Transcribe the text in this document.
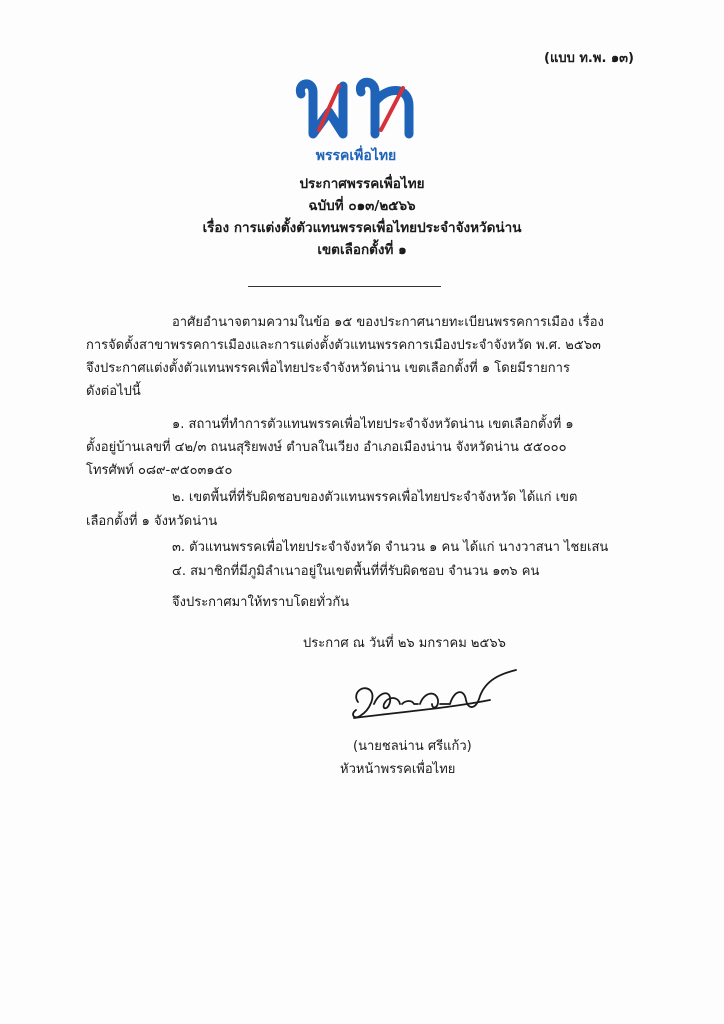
(แบบ ท.พ. ๑๓)
พรรคเพื่อไทย
ประกาศพรรคเพื่อไทย
ฉบับที่ ๐๑๓/๒๕๖๖
เรื่อง การแต่งตั้งตัวแทนพรรคเพื่อไทยประจำจังหวัดน่าน
เขตเลือกตั้งที่ ๑
อาศัยอำนาจตามความในข้อ ๑๕ ของประกาศนายทะเบียนพรรคการเมือง เรื่อง
การจัดตั้งสาขาพรรคการเมืองและการแต่งตั้งตัวแทนพรรคการเมืองประจำจังหวัด พ.ศ. ๒๕๖๓
จึงประกาศแต่งตั้งตัวแทนพรรคเพื่อไทยประจำจังหวัดน่าน เขตเลือกตั้งที่ ๑ โดยมีรายการ
ดังต่อไปนี้
๑. สถานที่ทำการตัวแทนพรรคเพื่อไทยประจำจังหวัดน่าน เขตเลือกตั้งที่ ๑
ตั้งอยู่บ้านเลขที่ ๔๒/๓ ถนนสุริยพงษ์ ตำบลในเวียง อำเภอเมืองน่าน จังหวัดน่าน ๕๕๐๐๐
โทรศัพท์ ๐๘๙-๙๕๐๓๑๕๐
๒. เขตพื้นที่ที่รับผิดชอบของตัวแทนพรรคเพื่อไทยประจำจังหวัด ได้แก่ เขต
เลือกตั้งที่ ๑ จังหวัดน่าน
๓. ตัวแทนพรรคเพื่อไทยประจำจังหวัด จำนวน ๑ คน ได้แก่ นางวาสนา ไชยเสน
๔. สมาชิกที่มีภูมิลำเนาอยู่ในเขตพื้นที่ที่รับผิดชอบ จำนวน ๑๓๖ คน
จึงประกาศมาให้ทราบโดยทั่วกัน
ประกาศ ณ วันที่ ๒๖ มกราคม ๒๕๖๖
(นายชลน่าน ศรีแก้ว)
หัวหน้าพรรคเพื่อไทย
